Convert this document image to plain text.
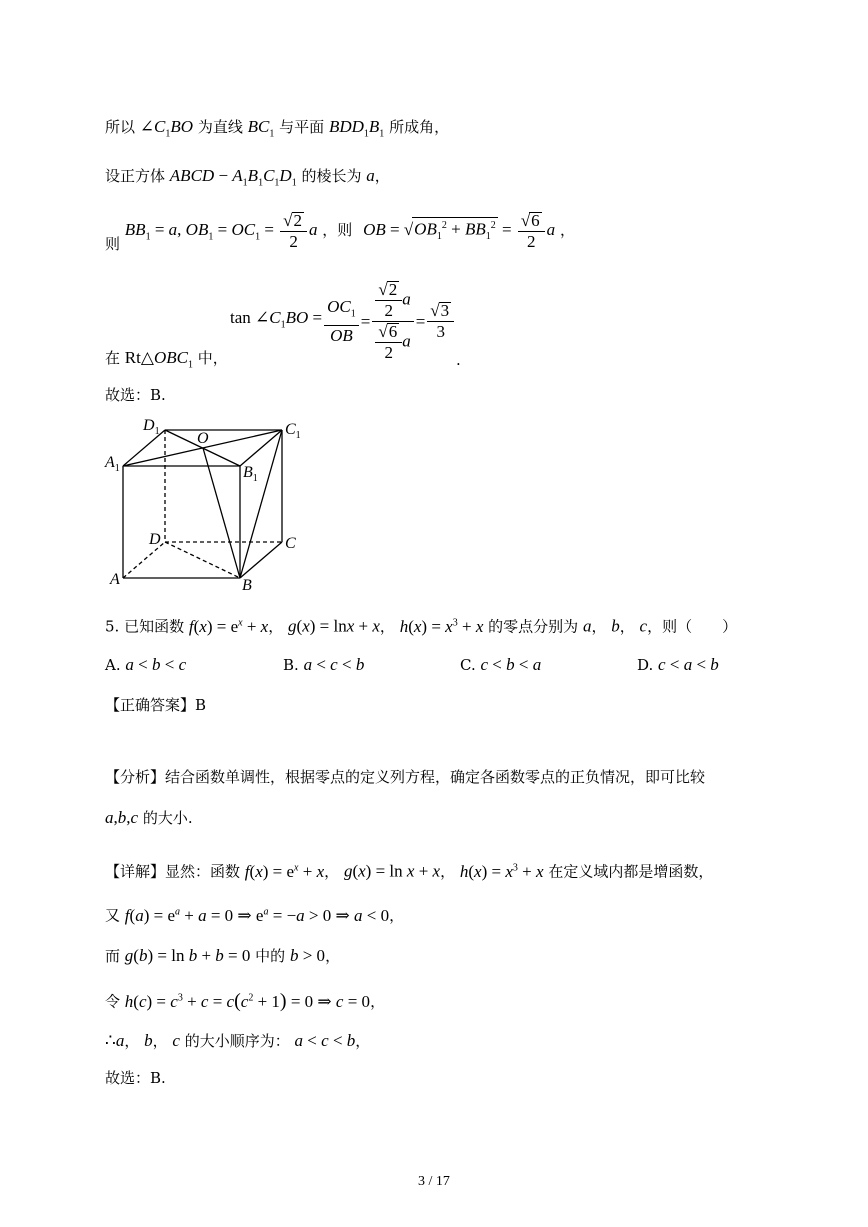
所以 $\angle C_1BO$ 为直线 $BC_1$ 与平面 $BDD_1B_1$ 所成角，
设正方体 ABCD − $A_1B_1C_1D_1$ 的棱长为 a，
则 $BB_1 = a$, $OB_1 = OC_1 = \frac{√2}{2}$ a ，则 OB = $√OB_1^2 + BB_1^2 = \frac{√6}{2}$ a ，
在 $Rt\triangle OBC_1$ 中，
$\tan \angle C_1BO = \frac{OC_1}{OB} = \frac{\frac{√2}{2} a}{\frac{√6}{2} a} = \frac{√3}{3}$
.
故选：B.
$D_1$ O
$C_1$
$A_1$	$B_1$
D	C
A	B
5. 已知函数 $f(x) = e^x + x$， g(x) = lnx + x， $h(x) = x^3 + x$ 的零点分别为 a， b， c，则（　　）
A. a < b < c	B. a < c < b	C. c < b < a	D. c < a < b
【正确答案】B
【分析】结合函数单调性，根据零点的定义列方程，确定各函数零点的正负情况，即可比较
a,b,c 的大小.
【详解】显然：函数 $f(x) = e^x + x$， g(x) = ln x + x， $h(x) = x^3 + x$ 在定义域内都是增函数，
又 $f(a) = e^a + a = 0$ ⇒ $e^a = -a > 0$ ⇒ a < 0，
而 g(b) = ln b + b = 0 中的 b > 0，
令 $h(c) = c^3 + c = c(c^2 + 1) = 0$ ⇒ c = 0，
∴a， b， c 的大小顺序为： a < c < b，
故选：B.
3 / 17
